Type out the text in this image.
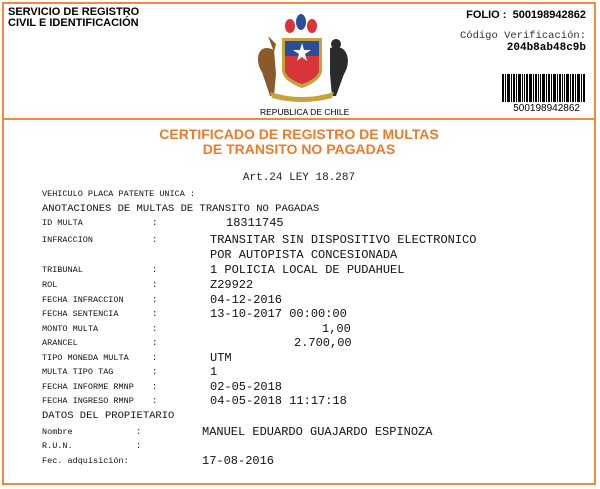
SERVICIO DE REGISTRO
CIVIL E IDENTIFICACIÓN
FOLIO : 500198942862
Código Verificación:
204b8ab48c9b
500198942862
REPUBLICA DE CHILE
CERTIFICADO DE REGISTRO DE MULTAS
DE TRANSITO NO PAGADAS
Art.24 LEY 18.287
VEHICULO PLACA PATENTE UNICA :
ANOTACIONES DE MULTAS DE TRANSITO NO PAGADAS
ID MULTA	:	18311745
INFRACCION	:	TRANSITAR SIN DISPOSITIVO ELECTRONICO
POR AUTOPISTA CONCESIONADA
TRIBUNAL	:	1 POLICIA LOCAL DE PUDAHUEL
ROL	:	Z29922
FECHA INFRACCION	:	04-12-2016
FECHA SENTENCIA	:	13-10-2017 00:00:00
MONTO MULTA	:	1,00
ARANCEL	:	2.700,00
TIPO MONEDA MULTA	:	UTM
MULTA TIPO TAG	:	1
FECHA INFORME RMNP :	02-05-2018
FECHA INGRESO RMNP :	04-05-2018 11:17:18
DATOS DEL PROPIETARIO
Nombre	:	MANUEL EDUARDO GUAJARDO ESPINOZA
R.U.N.	:
Fec. adquisición:	17-08-2016
